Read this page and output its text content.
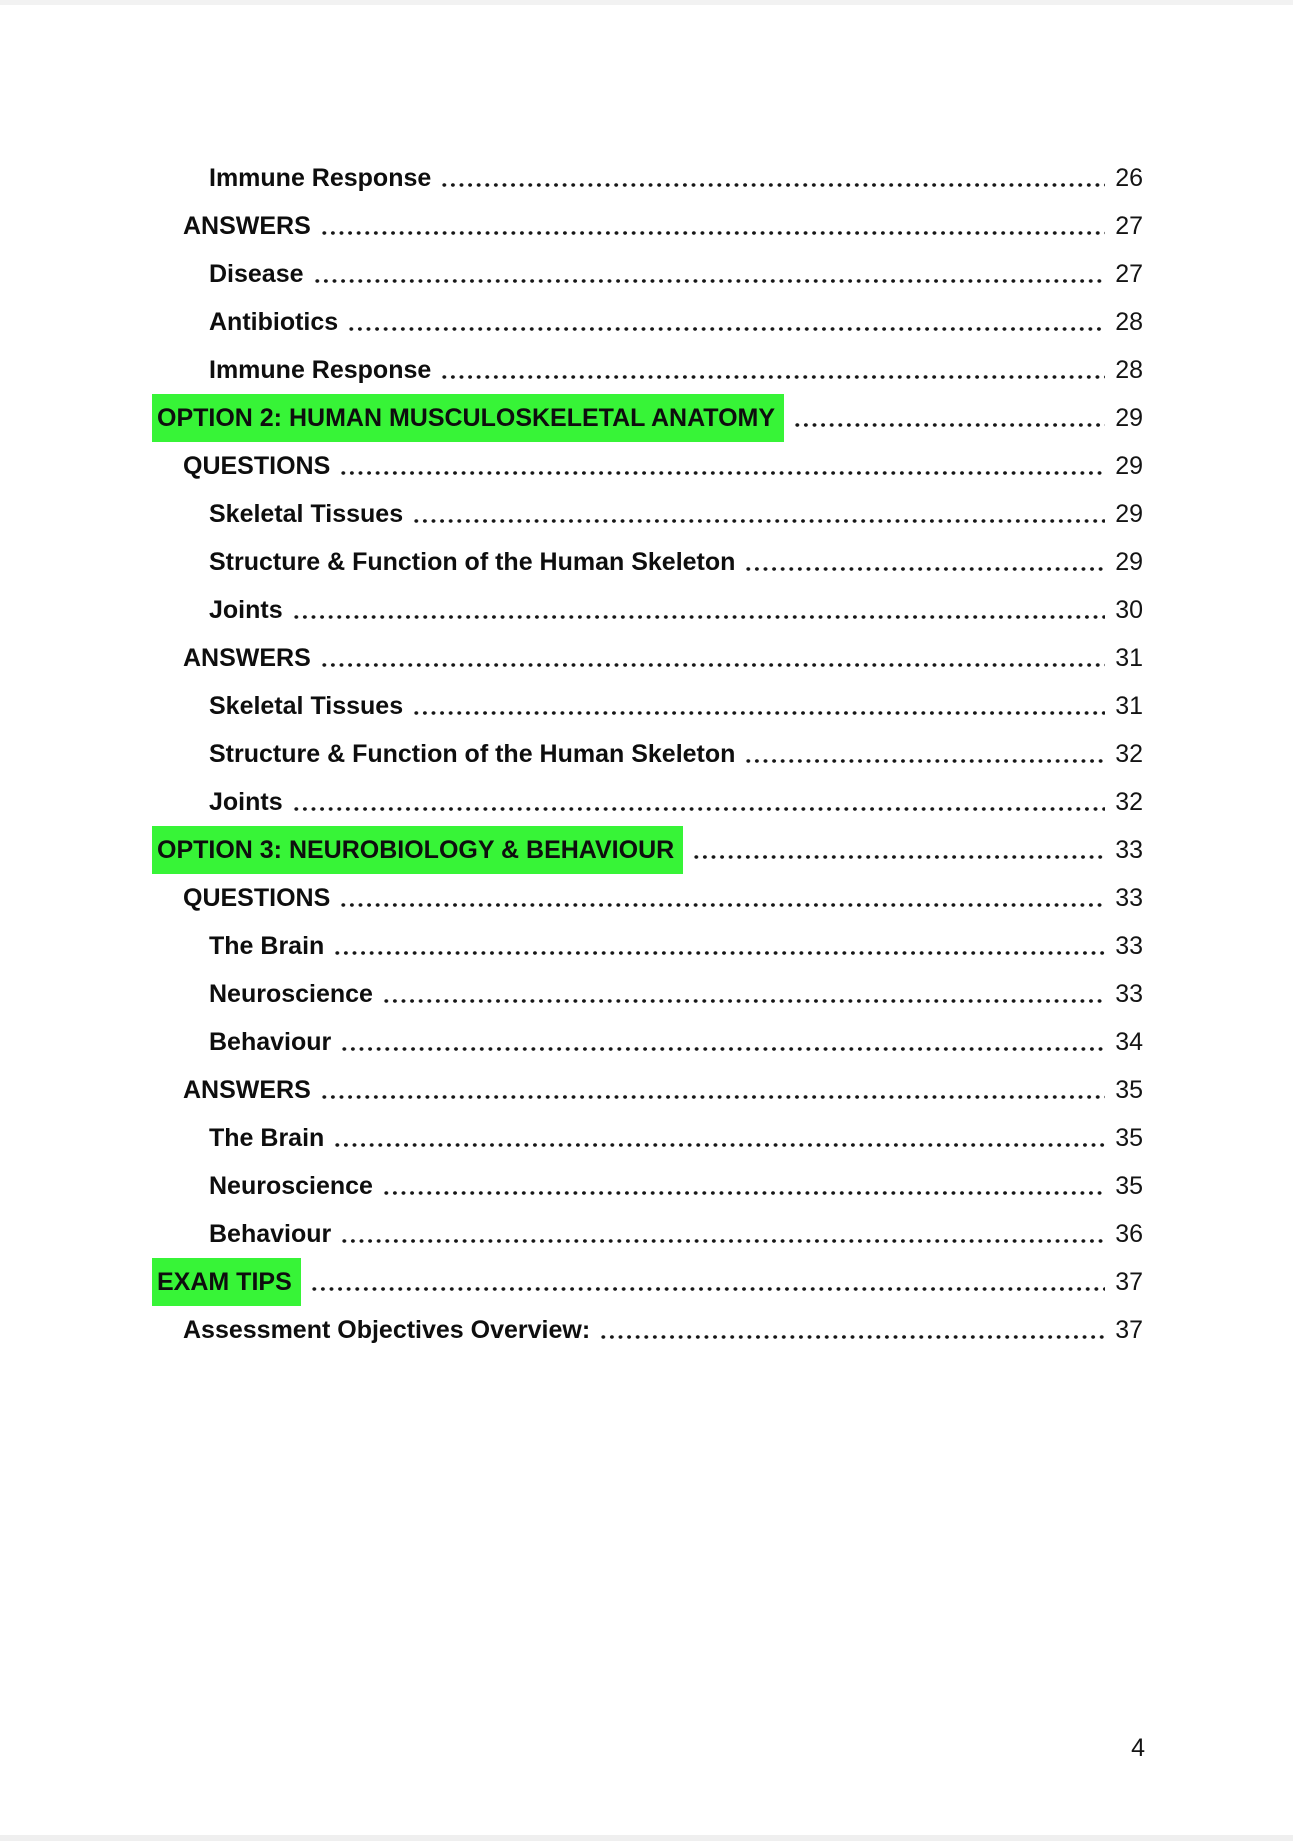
Immune Response	26
ANSWERS	27
Disease	27
Antibiotics	28
Immune Response	28
OPTION 2: HUMAN MUSCULOSKELETAL ANATOMY	29
QUESTIONS	29
Skeletal Tissues	29
Structure & Function of the Human Skeleton	29
Joints	30
ANSWERS	31
Skeletal Tissues	31
Structure & Function of the Human Skeleton	32
Joints	32
OPTION 3: NEUROBIOLOGY & BEHAVIOUR	33
QUESTIONS	33
The Brain	33
Neuroscience	33
Behaviour	34
ANSWERS	35
The Brain	35
Neuroscience	35
Behaviour	36
EXAM TIPS	37
Assessment Objectives Overview:	37
4
